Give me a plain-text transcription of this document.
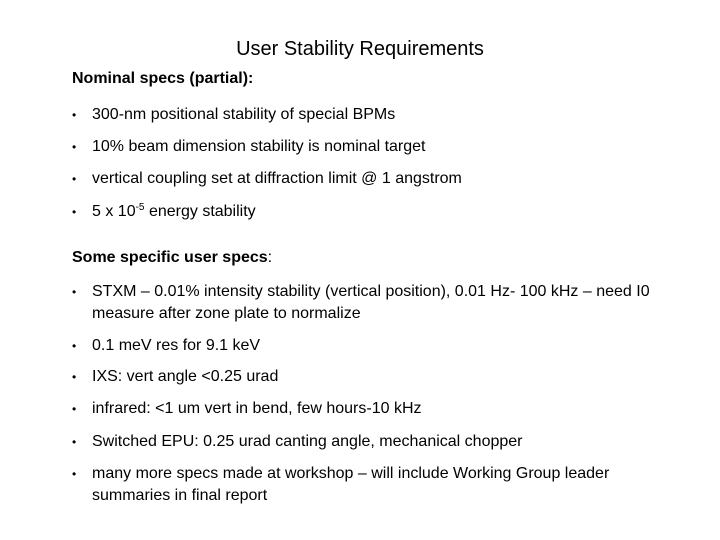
User Stability Requirements
Nominal specs (partial):
• 300-nm positional stability of special BPMs
• 10% beam dimension stability is nominal target
• vertical coupling set at diffraction limit @ 1 angstrom
• 5 x $10^{-5}$ energy stability
Some specific user specs:
• STXM – 0.01% intensity stability (vertical position), 0.01 Hz- 100 kHz – need I0 measure after zone plate to normalize
• 0.1 meV res for 9.1 keV
• IXS: vert angle <0.25 urad
• infrared: <1 um vert in bend, few hours-10 kHz
• Switched EPU: 0.25 urad canting angle, mechanical chopper
• many more specs made at workshop – will include Working Group leader summaries in final report
